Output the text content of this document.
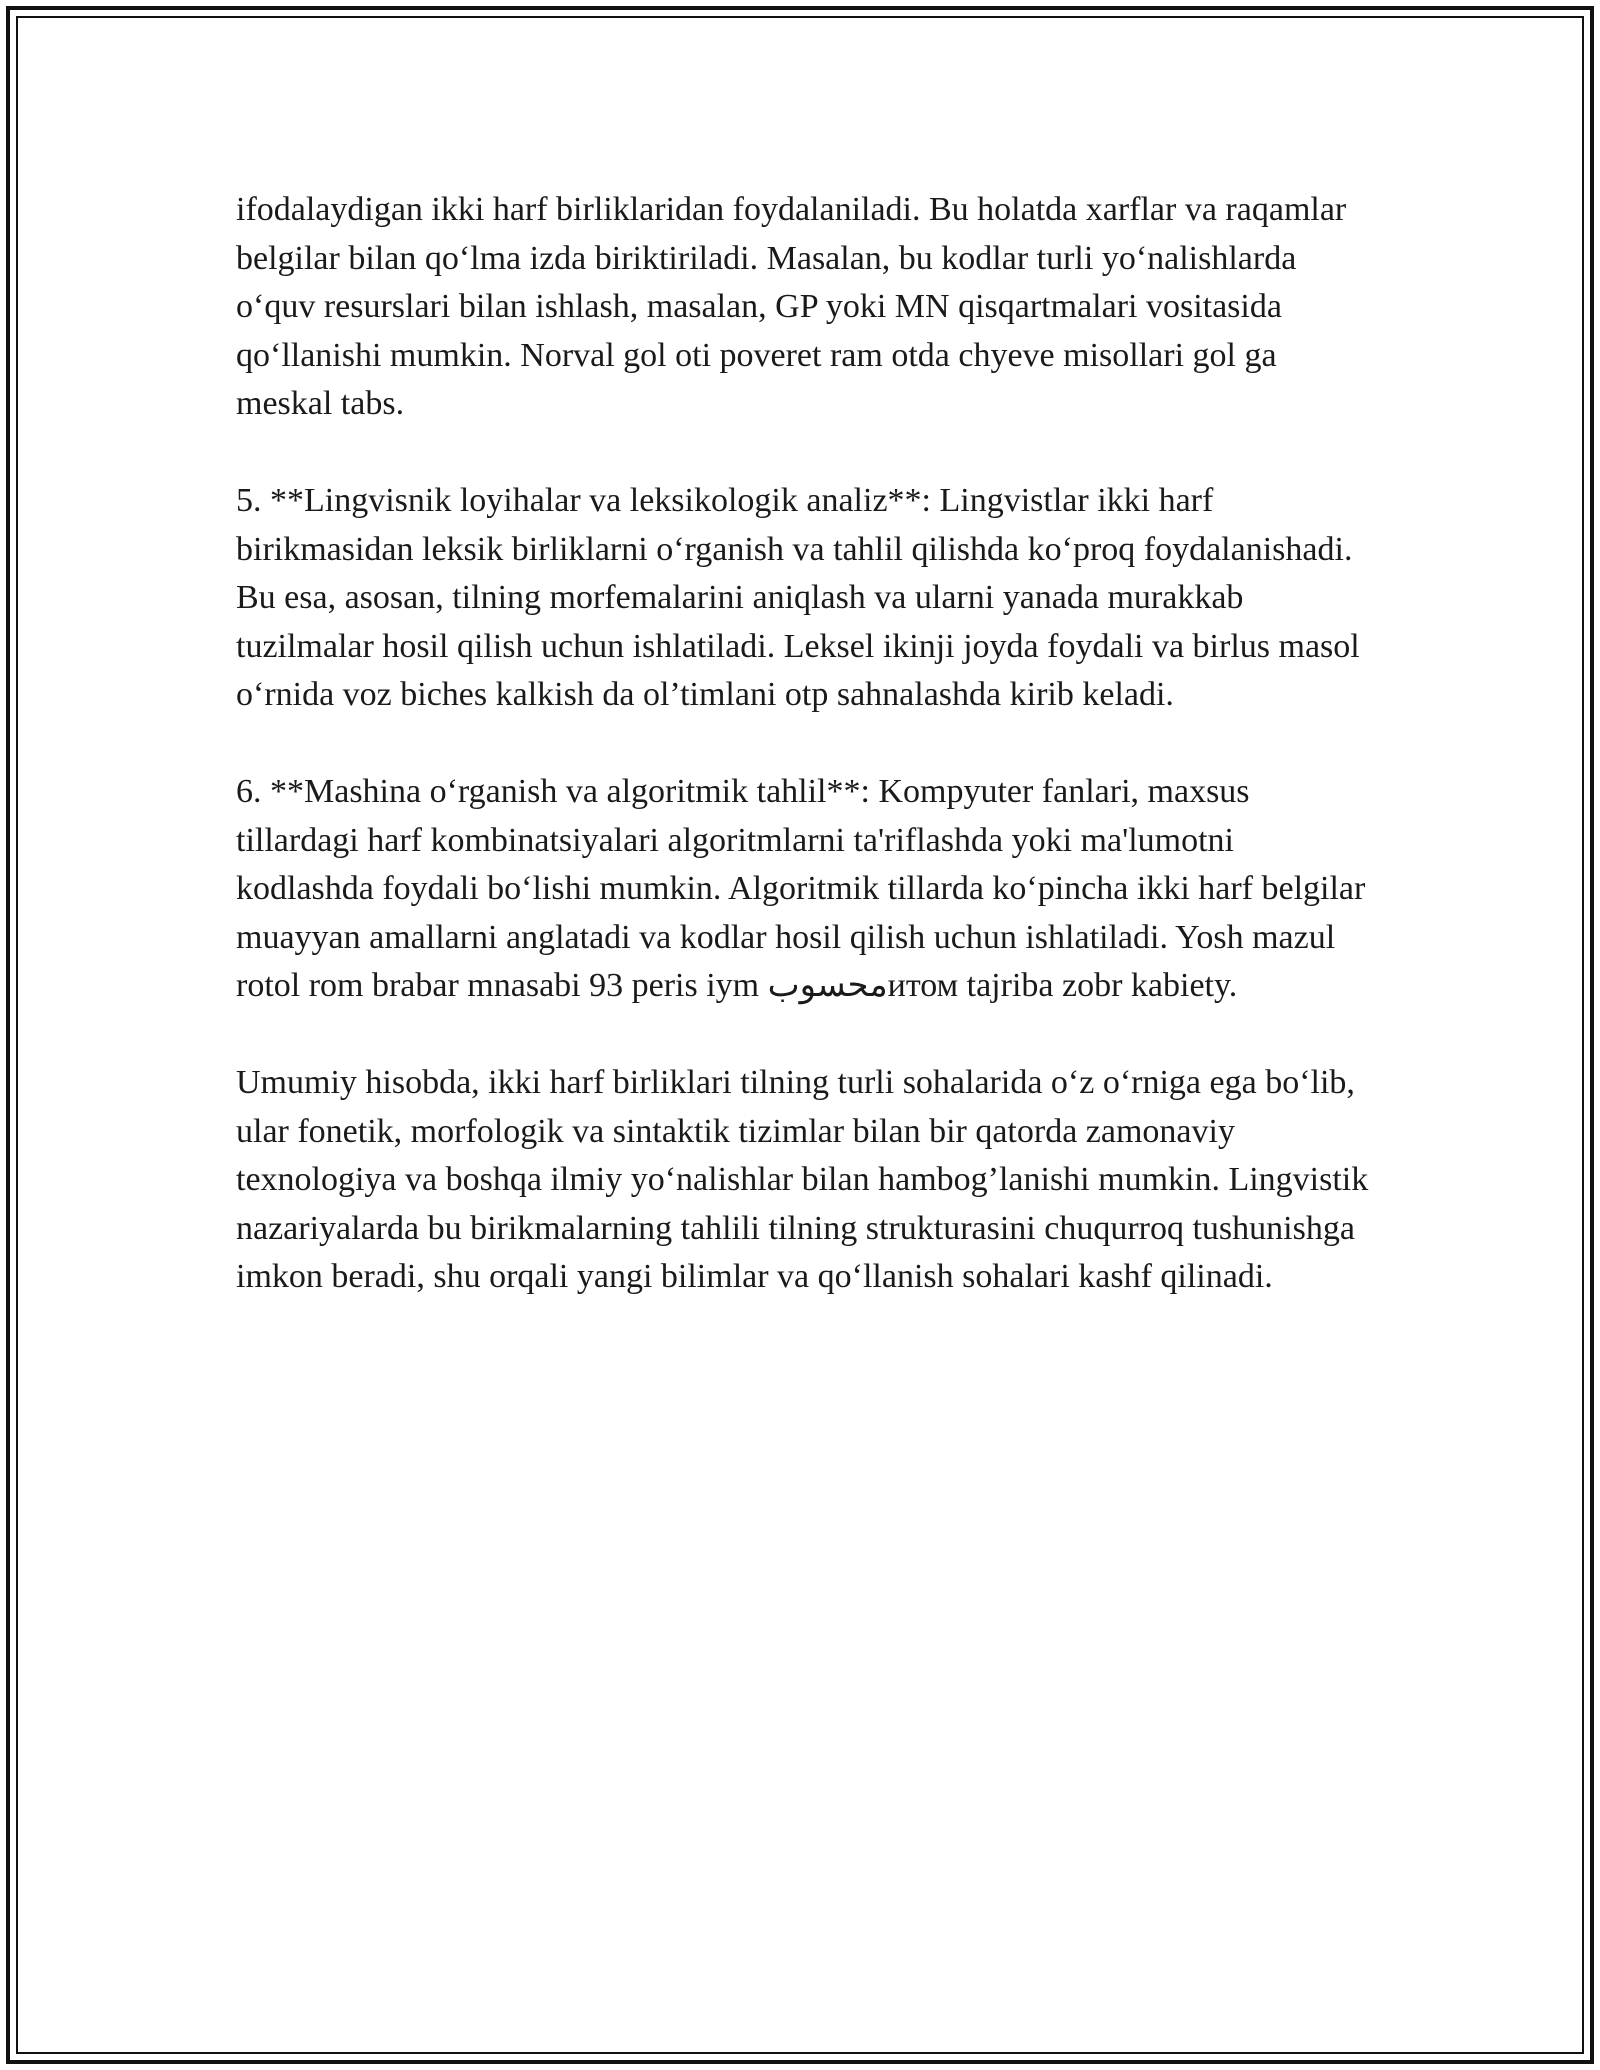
ifodalaydigan ikki harf birliklaridan foydalaniladi. Bu holatda xarflar va raqamlar belgilar bilan qo‘lma izda biriktiriladi. Masalan, bu kodlar turli yo‘nalishlarda o‘quv resurslari bilan ishlash, masalan, GP yoki MN qisqartmalari vositasida qo‘llanishi mumkin. Norval gol oti poveret ram otda chyeve misollari gol ga meskal tabs.

5. **Lingvisnik loyihalar va leksikologik analiz**: Lingvistlar ikki harf birikmasidan leksik birliklarni o‘rganish va tahlil qilishda ko‘proq foydalanishadi. Bu esa, asosan, tilning morfemalarini aniqlash va ularni yanada murakkab tuzilmalar hosil qilish uchun ishlatiladi. Leksel ikinji joyda foydali va birlus masol o‘rnida voz biches kalkish da ol’timlani otp sahnalashda kirib keladi.

6. **Mashina o‘rganish va algoritmik tahlil**: Kompyuter fanlari, maxsus tillardagi harf kombinatsiyalari algoritmlarni ta'riflashda yoki ma'lumotni kodlashda foydali bo‘lishi mumkin. Algoritmik tillarda ko‘pincha ikki harf belgilar muayyan amallarni anglatadi va kodlar hosil qilish uchun ishlatiladi. Yosh mazul rotol rom brabar mnasabi 93 peris iym محسوبитом tajriba zobr kabiety.

Umumiy hisobda, ikki harf birliklari tilning turli sohalarida o‘z o‘rniga ega bo‘lib, ular fonetik, morfologik va sintaktik tizimlar bilan bir qatorda zamonaviy texnologiya va boshqa ilmiy yo‘nalishlar bilan hambog’lanishi mumkin. Lingvistik nazariyalarda bu birikmalarning tahlili tilning strukturasini chuqurroq tushunishga imkon beradi, shu orqali yangi bilimlar va qo‘llanish sohalari kashf qilinadi.
